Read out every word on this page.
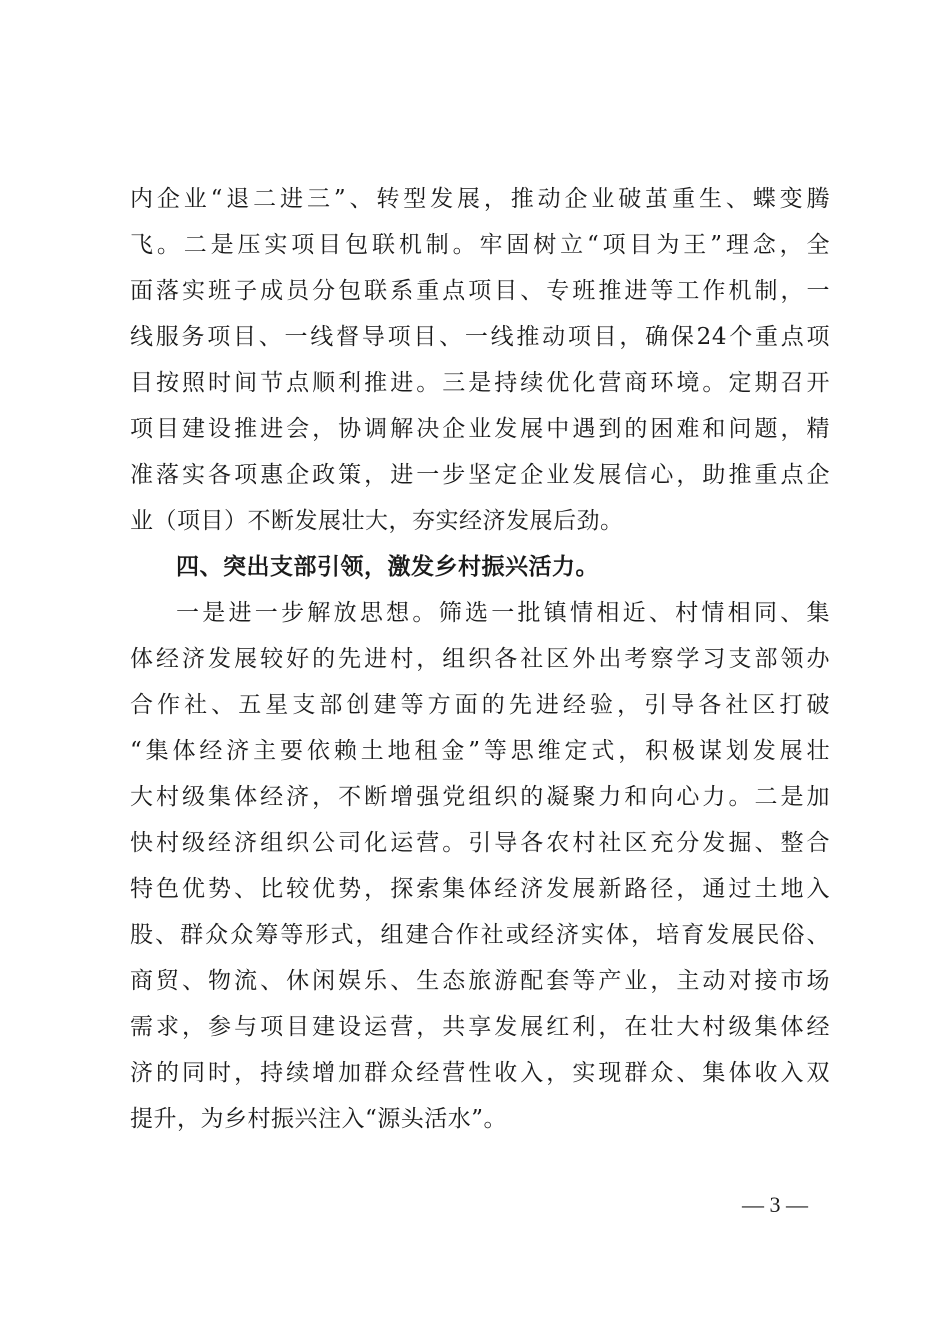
内企业“退二进三”、转型发展，推动企业破茧重生、蝶变腾
飞。二是压实项目包联机制。牢固树立“项目为王”理念，全
面落实班子成员分包联系重点项目、专班推进等工作机制，一
线服务项目、一线督导项目、一线推动项目，确保24个重点项
目按照时间节点顺利推进。三是持续优化营商环境。定期召开
项目建设推进会，协调解决企业发展中遇到的困难和问题，精
准落实各项惠企政策，进一步坚定企业发展信心，助推重点企
业（项目）不断发展壮大，夯实经济发展后劲。
四、突出支部引领，激发乡村振兴活力。
一是进一步解放思想。筛选一批镇情相近、村情相同、集
体经济发展较好的先进村，组织各社区外出考察学习支部领办
合作社、五星支部创建等方面的先进经验，引导各社区打破
“集体经济主要依赖土地租金”等思维定式，积极谋划发展壮
大村级集体经济，不断增强党组织的凝聚力和向心力。二是加
快村级经济组织公司化运营。引导各农村社区充分发掘、整合
特色优势、比较优势，探索集体经济发展新路径，通过土地入
股、群众众筹等形式，组建合作社或经济实体，培育发展民俗、
商贸、物流、休闲娱乐、生态旅游配套等产业，主动对接市场
需求，参与项目建设运营，共享发展红利，在壮大村级集体经
济的同时，持续增加群众经营性收入，实现群众、集体收入双
提升，为乡村振兴注入“源头活水”。
— 3 —
